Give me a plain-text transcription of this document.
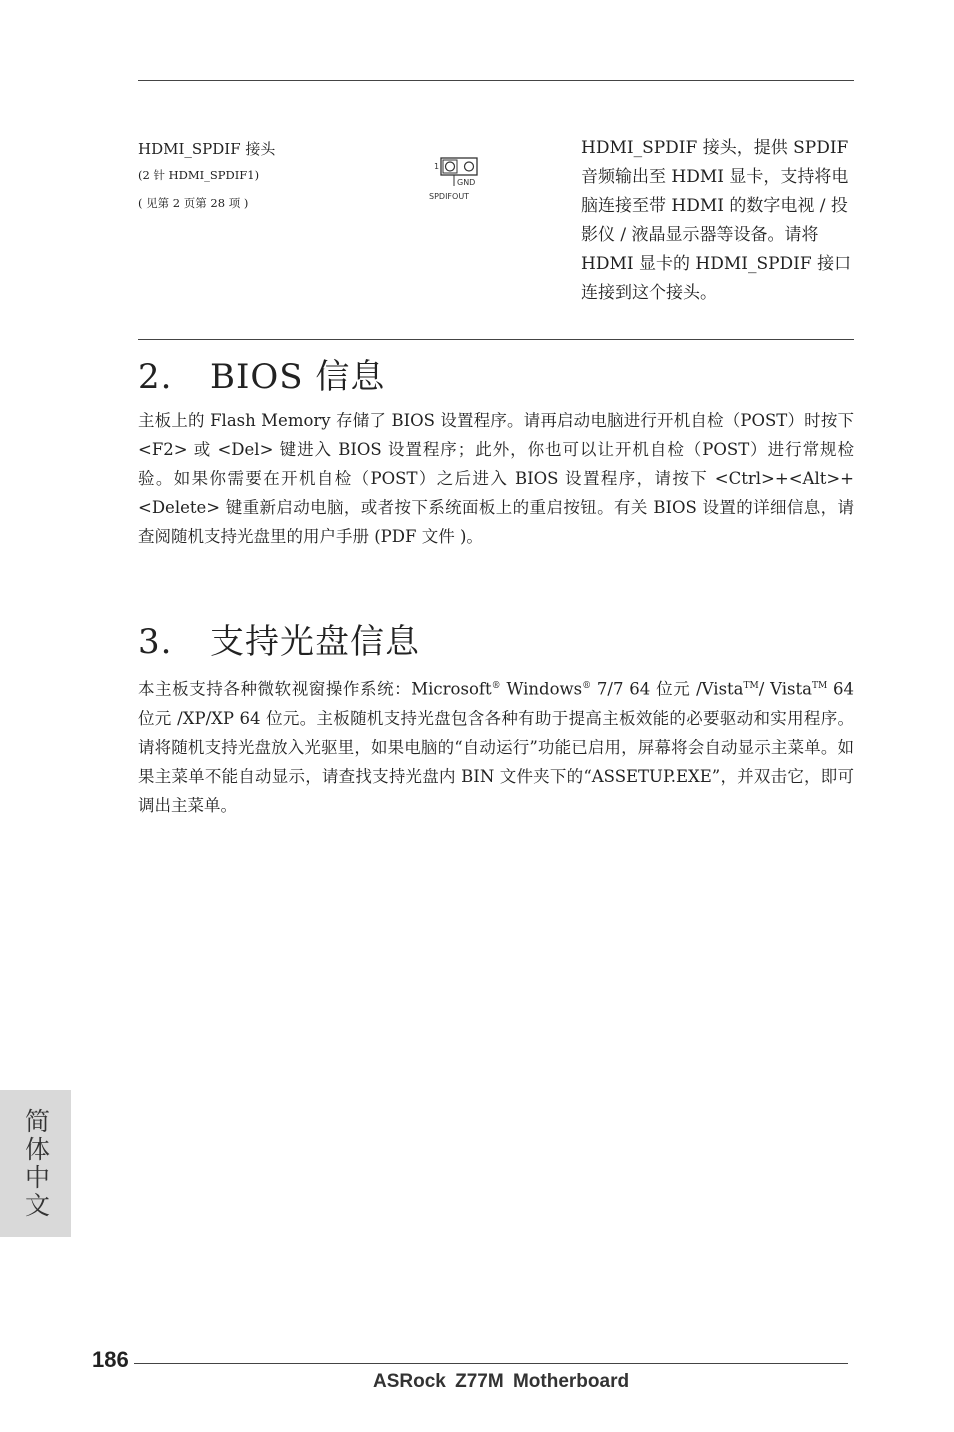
HDMI_SPDIF 接头
(2 针 HDMI_SPDIF1)
( 见第 2 页第 28 项 )
1
GND
SPDIFOUT
HDMI_SPDIF 接头，提供 SPDIF 音频输出至 HDMI 显卡，支持将电脑连接至带 HDMI 的数字电视 / 投影仪 / 液晶显示器等设备。请将 HDMI 显卡的 HDMI_SPDIF 接口连接到这个接头。
2. BIOS 信息

主板上的 Flash Memory 存储了 BIOS 设置程序。请再启动电脑进行开机自检（POST）时按下 <F2> 或 <Del> 键进入 BIOS 设置程序；此外，你也可以让开机自检（POST）进行常规检验。如果你需要在开机自检（POST）之后进入 BIOS 设置程序，请按下 <Ctrl>+<Alt>+<Delete> 键重新启动电脑，或者按下系统面板上的重启按钮。有关 BIOS 设置的详细信息，请查阅随机支持光盘里的用户手册 (PDF 文件 )。

3. 支持光盘信息

本主板支持各种微软视窗操作系统：Microsoft® Windows® 7/7 64 位元 /Vista™/ Vista™ 64 位元 /XP/XP 64 位元。主板随机支持光盘包含各种有助于提高主板效能的必要驱动和实用程序。请将随机支持光盘放入光驱里，如果电脑的“自动运行”功能已启用，屏幕将会自动显示主菜单。如果主菜单不能自动显示，请查找支持光盘内 BIN 文件夹下的“ASSETUP.EXE”，并双击它，即可调出主菜单。

简体中文
186
ASRock Z77M Motherboard
